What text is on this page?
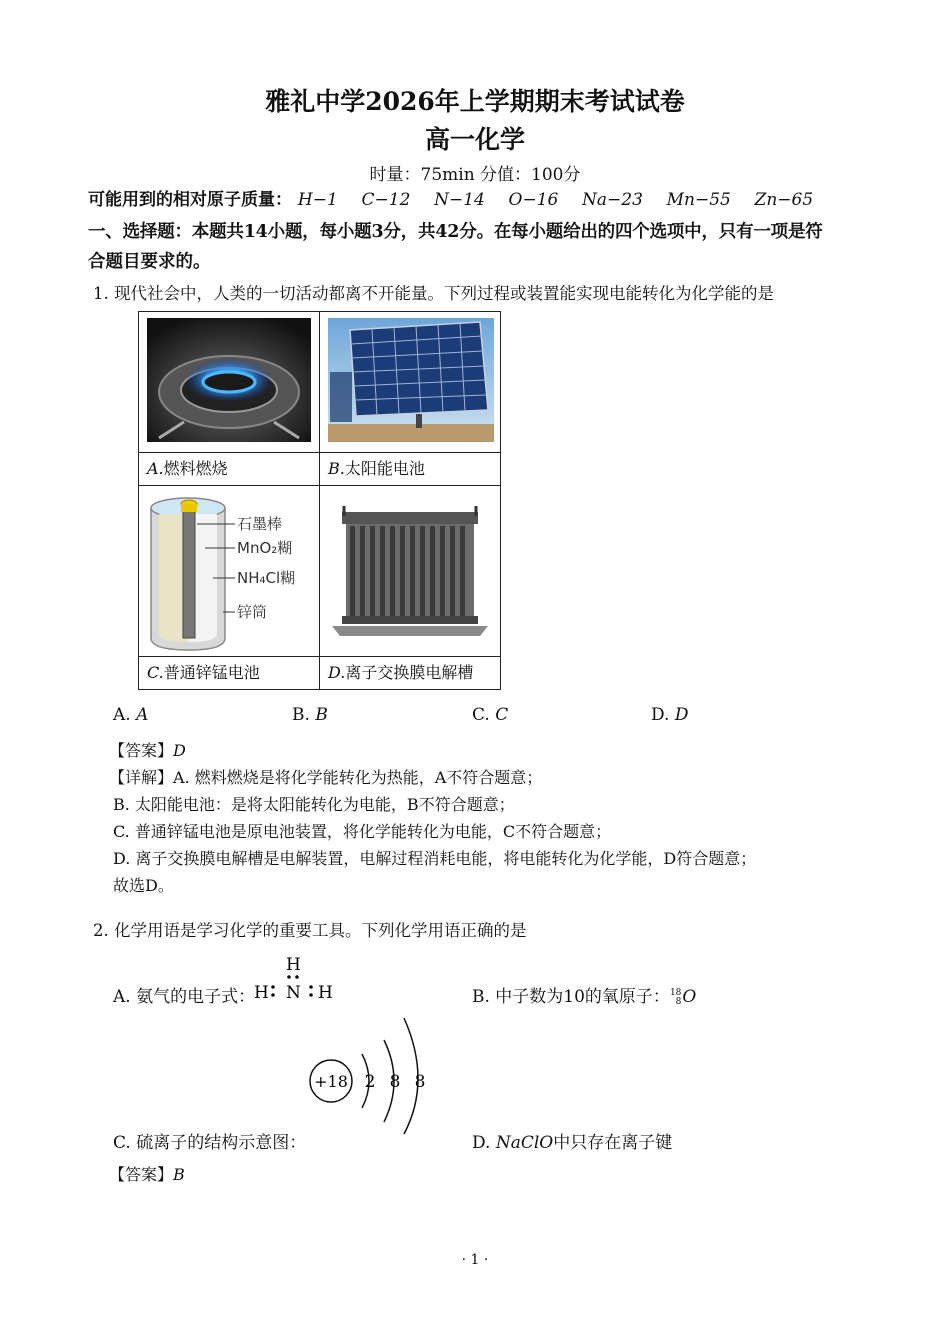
雅礼中学2026年上学期期末考试试卷
高一化学
时量：75min 分值：100分
可能用到的相对原子质量： H−1 C−12 N−14 O−16 Na−23 Mn−55 Zn−65
一、选择题：本题共14小题，每小题3分，共42分。在每小题给出的四个选项中，只有一项是符
合题目要求的。
1. 现代社会中，人类的一切活动都离不开能量。下列过程或装置能实现电能转化为化学能的是
A.燃料燃烧	B.太阳能电池

石墨棒
MnO₂糊
NH₄Cl糊
锌筒
C.普通锌锰电池	D.离子交换膜电解槽
A. A	B. B	C. C	D. D
【答案】D
【详解】A. 燃料燃烧是将化学能转化为热能，A不符合题意；
B. 太阳能电池：是将太阳能转化为电能，B不符合题意；
C. 普通锌锰电池是原电池装置，将化学能转化为电能，C不符合题意；
D. 离子交换膜电解槽是电解装置，电解过程消耗电能，将电能转化为化学能，D符合题意；
故选D。
2. 化学用语是学习化学的重要工具。下列化学用语正确的是
A. 氨气的电子式：
H
H N H	B. 中子数为10的氧原子：18
8O
+18 2 8 8
C. 硫离子的结构示意图：	D. NaClO中只存在离子键
【答案】B
· 1 ·
